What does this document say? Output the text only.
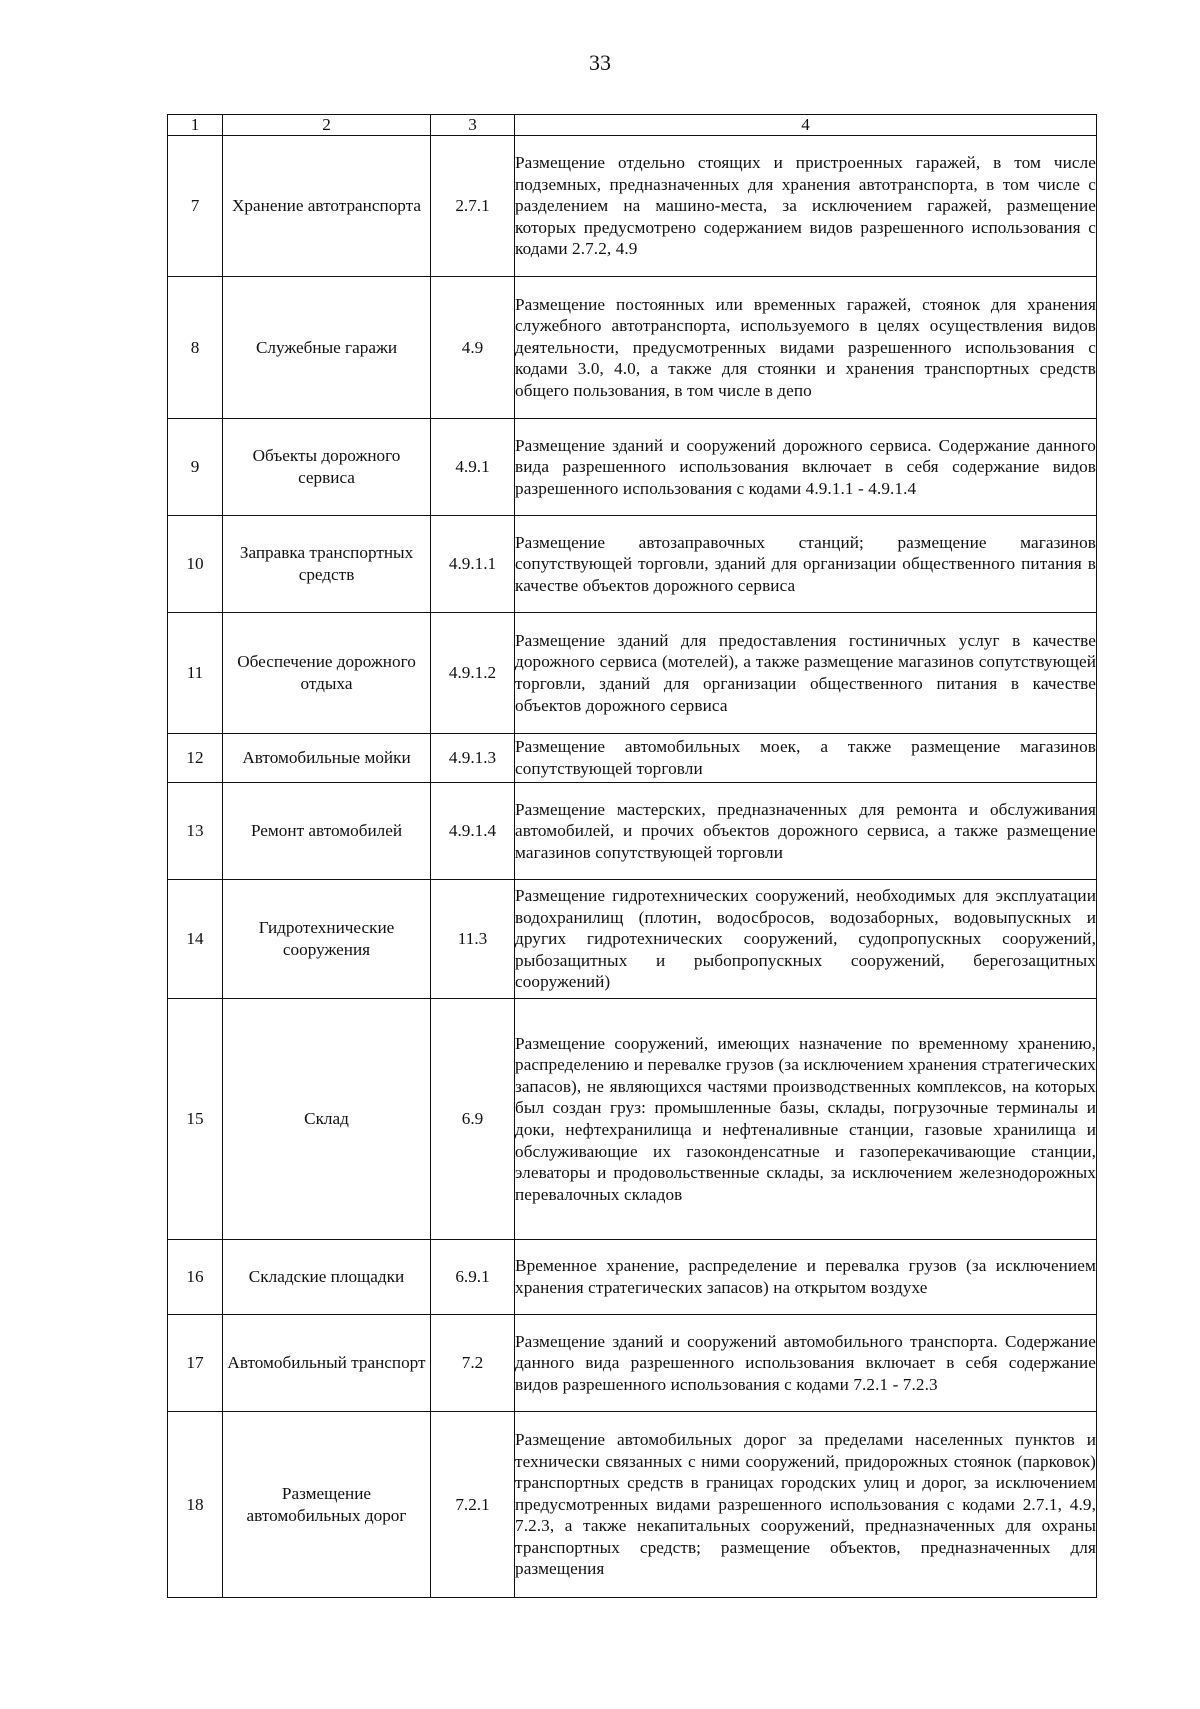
33
1	2	3	4
7	Хранение автотранспорта	2.7.1	Размещение отдельно стоящих и пристроенных гаражей, в том числе подземных, предназначенных для хранения автотранспорта, в том числе с разделением на машино-места, за исключением гаражей, размещение которых предусмотрено содержанием видов разрешенного использования с кодами 2.7.2, 4.9
8	Служебные гаражи	4.9	Размещение постоянных или временных гаражей, стоянок для хранения служебного автотранспорта, используемого в целях осуществления видов деятельности, предусмотренных видами разрешенного использования с кодами 3.0, 4.0, а также для стоянки и хранения транспортных средств общего пользования, в том числе в депо
9	Объекты дорожного сервиса	4.9.1	Размещение зданий и сооружений дорожного сервиса. Содержание данного вида разрешенного использования включает в себя содержание видов разрешенного использования с кодами 4.9.1.1 - 4.9.1.4
10	Заправка транспортных средств	4.9.1.1	Размещение автозаправочных станций; размещение магазинов сопутствующей торговли, зданий для организации общественного питания в качестве объектов дорожного сервиса
11	Обеспечение дорожного отдыха	4.9.1.2	Размещение зданий для предоставления гостиничных услуг в качестве дорожного сервиса (мотелей), а также размещение магазинов сопутствующей торговли, зданий для организации общественного питания в качестве объектов дорожного сервиса
12	Автомобильные мойки	4.9.1.3	Размещение автомобильных моек, а также размещение магазинов сопутствующей торговли
13	Ремонт автомобилей	4.9.1.4	Размещение мастерских, предназначенных для ремонта и обслуживания автомобилей, и прочих объектов дорожного сервиса, а также размещение магазинов сопутствующей торговли
14	Гидротехнические сооружения	11.3	Размещение гидротехнических сооружений, необходимых для эксплуатации водохранилищ (плотин, водосбросов, водозаборных, водовыпускных и других гидротехнических сооружений, судопропускных сооружений, рыбозащитных и рыбопропускных сооружений, берегозащитных сооружений)
15	Склад	6.9	Размещение сооружений, имеющих назначение по временному хранению, распределению и перевалке грузов (за исключением хранения стратегических запасов), не являющихся частями производственных комплексов, на которых был создан груз: промышленные базы, склады, погрузочные терминалы и доки, нефтехранилища и нефтеналивные станции, газовые хранилища и обслуживающие их газоконденсатные и газоперекачивающие станции, элеваторы и продовольственные склады, за исключением железнодорожных перевалочных складов
16	Складские площадки	6.9.1	Временное хранение, распределение и перевалка грузов (за исключением хранения стратегических запасов) на открытом воздухе
17	Автомобильный транспорт	7.2	Размещение зданий и сооружений автомобильного транспорта. Содержание данного вида разрешенного использования включает в себя содержание видов разрешенного использования с кодами 7.2.1 - 7.2.3
18	Размещение автомобильных дорог	7.2.1	Размещение автомобильных дорог за пределами населенных пунктов и технически связанных с ними сооружений, придорожных стоянок (парковок) транспортных средств в границах городских улиц и дорог, за исключением предусмотренных видами разрешенного использования с кодами 2.7.1, 4.9, 7.2.3, а также некапитальных сооружений, предназначенных для охраны транспортных средств; размещение объектов, предназначенных для размещения
